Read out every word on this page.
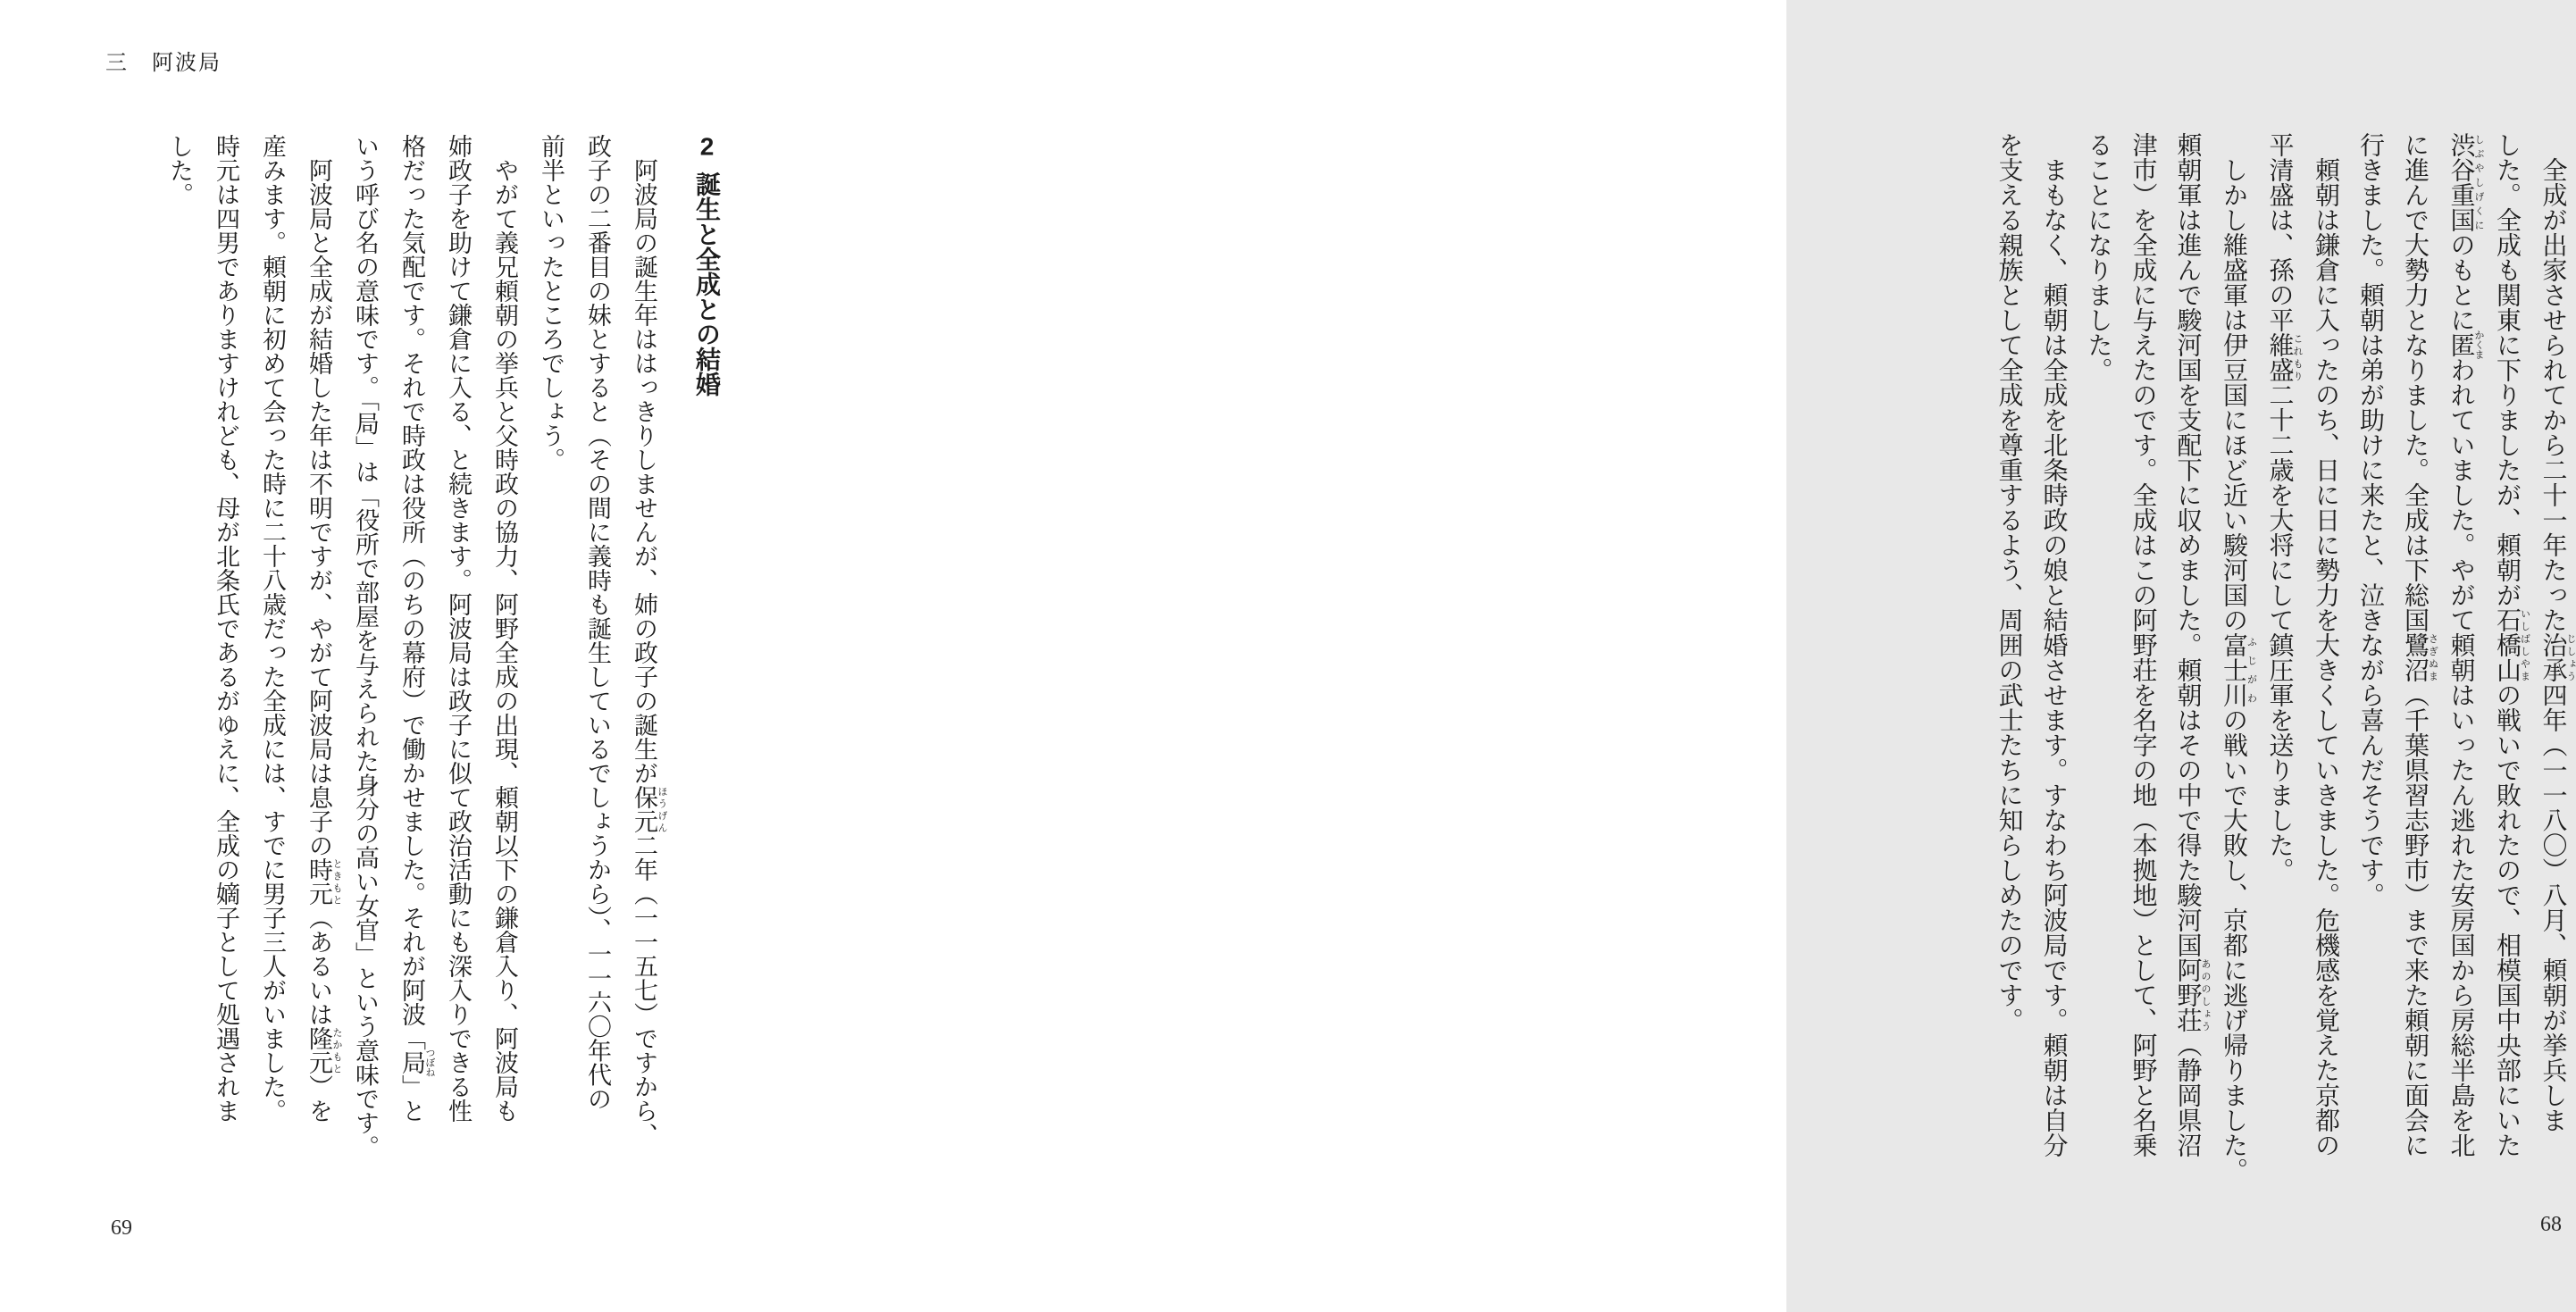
三　阿波局

2誕生と全成との結婚

　阿波局の誕生年ははっきりしませんが、姉の政子の誕生が保元 ほうげん二年（一一五七）ですから、

政子の二番目の妹とすると（その間に義時も誕生しているでしょうから）、一一六〇年代の

前半といったところでしょう。

　やがて義兄頼朝の挙兵と父時政の協力、阿野全成の出現、頼朝以下の鎌倉入り、阿波局も

姉政子を助けて鎌倉に入る、と続きます。阿波局は政子に似て政治活動にも深入りできる性

格だった気配です。それで時政は役所（のちの幕府）で働かせました。それが阿波「局 つぼね」と

いう呼び名の意味です。「局」は「役所で部屋を与えられた身分の高い女官」という意味です。

　阿波局と全成が結婚した年は不明ですが、やがて阿波局は息子の時元 ときもと（あるいは隆元 たかもと）を

産みます。頼朝に初めて会った時に二十八歳だった全成には、すでに男子三人がいました。

時元は四男でありますけれども、母が北条氏であるがゆえに、全成の嫡子として処遇されま

した。

69

　全成が出家させられてから二十一年たった治承じしょう四年（一一八〇）八月、頼朝が挙兵しま

した。全成も関東に下りましたが、頼朝が石橋山いしばしやまの戦いで敗れたので、相模国中央部にいた

渋谷重国しぶやしげくにのもとに匿かくまわれていました。やがて頼朝はいったん逃れた安房国から房総半島を北

に進んで大勢力となりました。全成は下総国鷺沼さぎぬま（千葉県習志野市）まで来た頼朝に面会に

行きました。頼朝は弟が助けに来たと、泣きながら喜んだそうです。

　頼朝は鎌倉に入ったのち、日に日に勢力を大きくしていきました。危機感を覚えた京都の

平清盛は、孫の平維盛これもり二十二歳を大将にして鎮圧軍を送りました。

　しかし維盛軍は伊豆国にほど近い駿河国の富士川ふじがわの戦いで大敗し、京都に逃げ帰りました。

頼朝軍は進んで駿河国を支配下に収めました。頼朝はその中で得た駿河国阿野荘あののしょう（静岡県沼

津市）を全成に与えたのです。全成はこの阿野荘を名字の地（本拠地）として、阿野と名乗

ることになりました。

　まもなく、頼朝は全成を北条時政の娘と結婚させます。すなわち阿波局です。頼朝は自分

を支える親族として全成を尊重するよう、周囲の武士たちに知らしめたのです。

68
